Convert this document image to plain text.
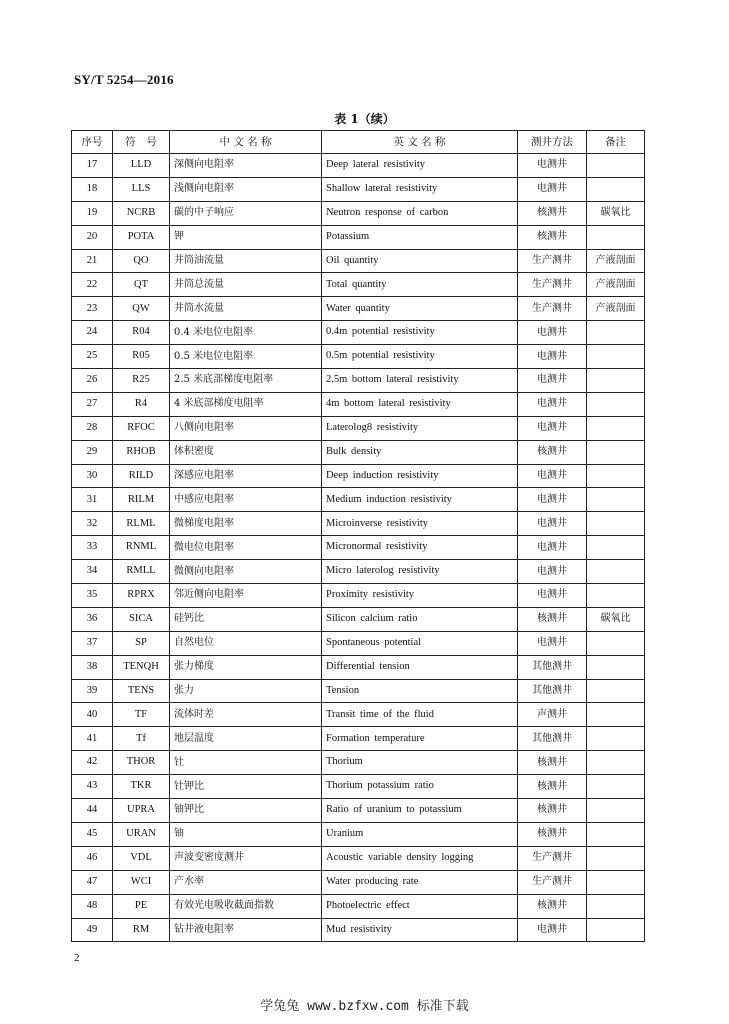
SY/T 5254—2016
表 1（续）
序号	符　号	中 文 名 称	英 文 名 称	测井方法	备注
17	LLD	深侧向电阻率	Deep lateral resistivity	电测井	
18	LLS	浅侧向电阻率	Shallow lateral resistivity	电测井	
19	NCRB	碳的中子响应	Neutron response of carbon	核测井	碳氧比
20	POTA	钾	Potassium	核测井	
21	QO	井筒油流量	Oil quantity	生产测井	产液剖面
22	QT	井筒总流量	Total quantity	生产测井	产液剖面
23	QW	井筒水流量	Water quantity	生产测井	产液剖面
24	R04	0.4 米电位电阻率	0.4m potential resistivity	电测井	
25	R05	0.5 米电位电阻率	0.5m potential resistivity	电测井	
26	R25	2.5 米底部梯度电阻率	2.5m bottom lateral resistivity	电测井	
27	R4	4 米底部梯度电阻率	4m bottom lateral resistivity	电测井	
28	RFOC	八侧向电阻率	Laterolog8 resistivity	电测井	
29	RHOB	体积密度	Bulk density	核测井	
30	RILD	深感应电阻率	Deep induction resistivity	电测井	
31	RILM	中感应电阻率	Medium induction resistivity	电测井	
32	RLML	微梯度电阻率	Microinverse resistivity	电测井	
33	RNML	微电位电阻率	Micronormal resistivity	电测井	
34	RMLL	微侧向电阻率	Micro laterolog resistivity	电测井	
35	RPRX	邻近侧向电阻率	Proximity resistivity	电测井	
36	SICA	硅钙比	Silicon calcium ratio	核测井	碳氧比
37	SP	自然电位	Spontaneous potential	电测井	
38	TENQH	张力梯度	Differential tension	其他测井	
39	TENS	张力	Tension	其他测井	
40	TF	流体时差	Transit time of the fluid	声测井	
41	Tf	地层温度	Formation temperature	其他测井	
42	THOR	钍	Thorium	核测井	
43	TKR	钍钾比	Thorium potassium ratio	核测井	
44	UPRA	铀钾比	Ratio of uranium to potassium	核测井	
45	URAN	铀	Uranium	核测井	
46	VDL	声波变密度测井	Acoustic variable density logging	生产测井	
47	WCI	产水率	Water producing rate	生产测井	
48	PE	有效光电吸收截面指数	Photoelectric effect	核测井	
49	RM	钻井液电阻率	Mud resistivity	电测井	
2
学兔兔 www.bzfxw.com 标准下载
